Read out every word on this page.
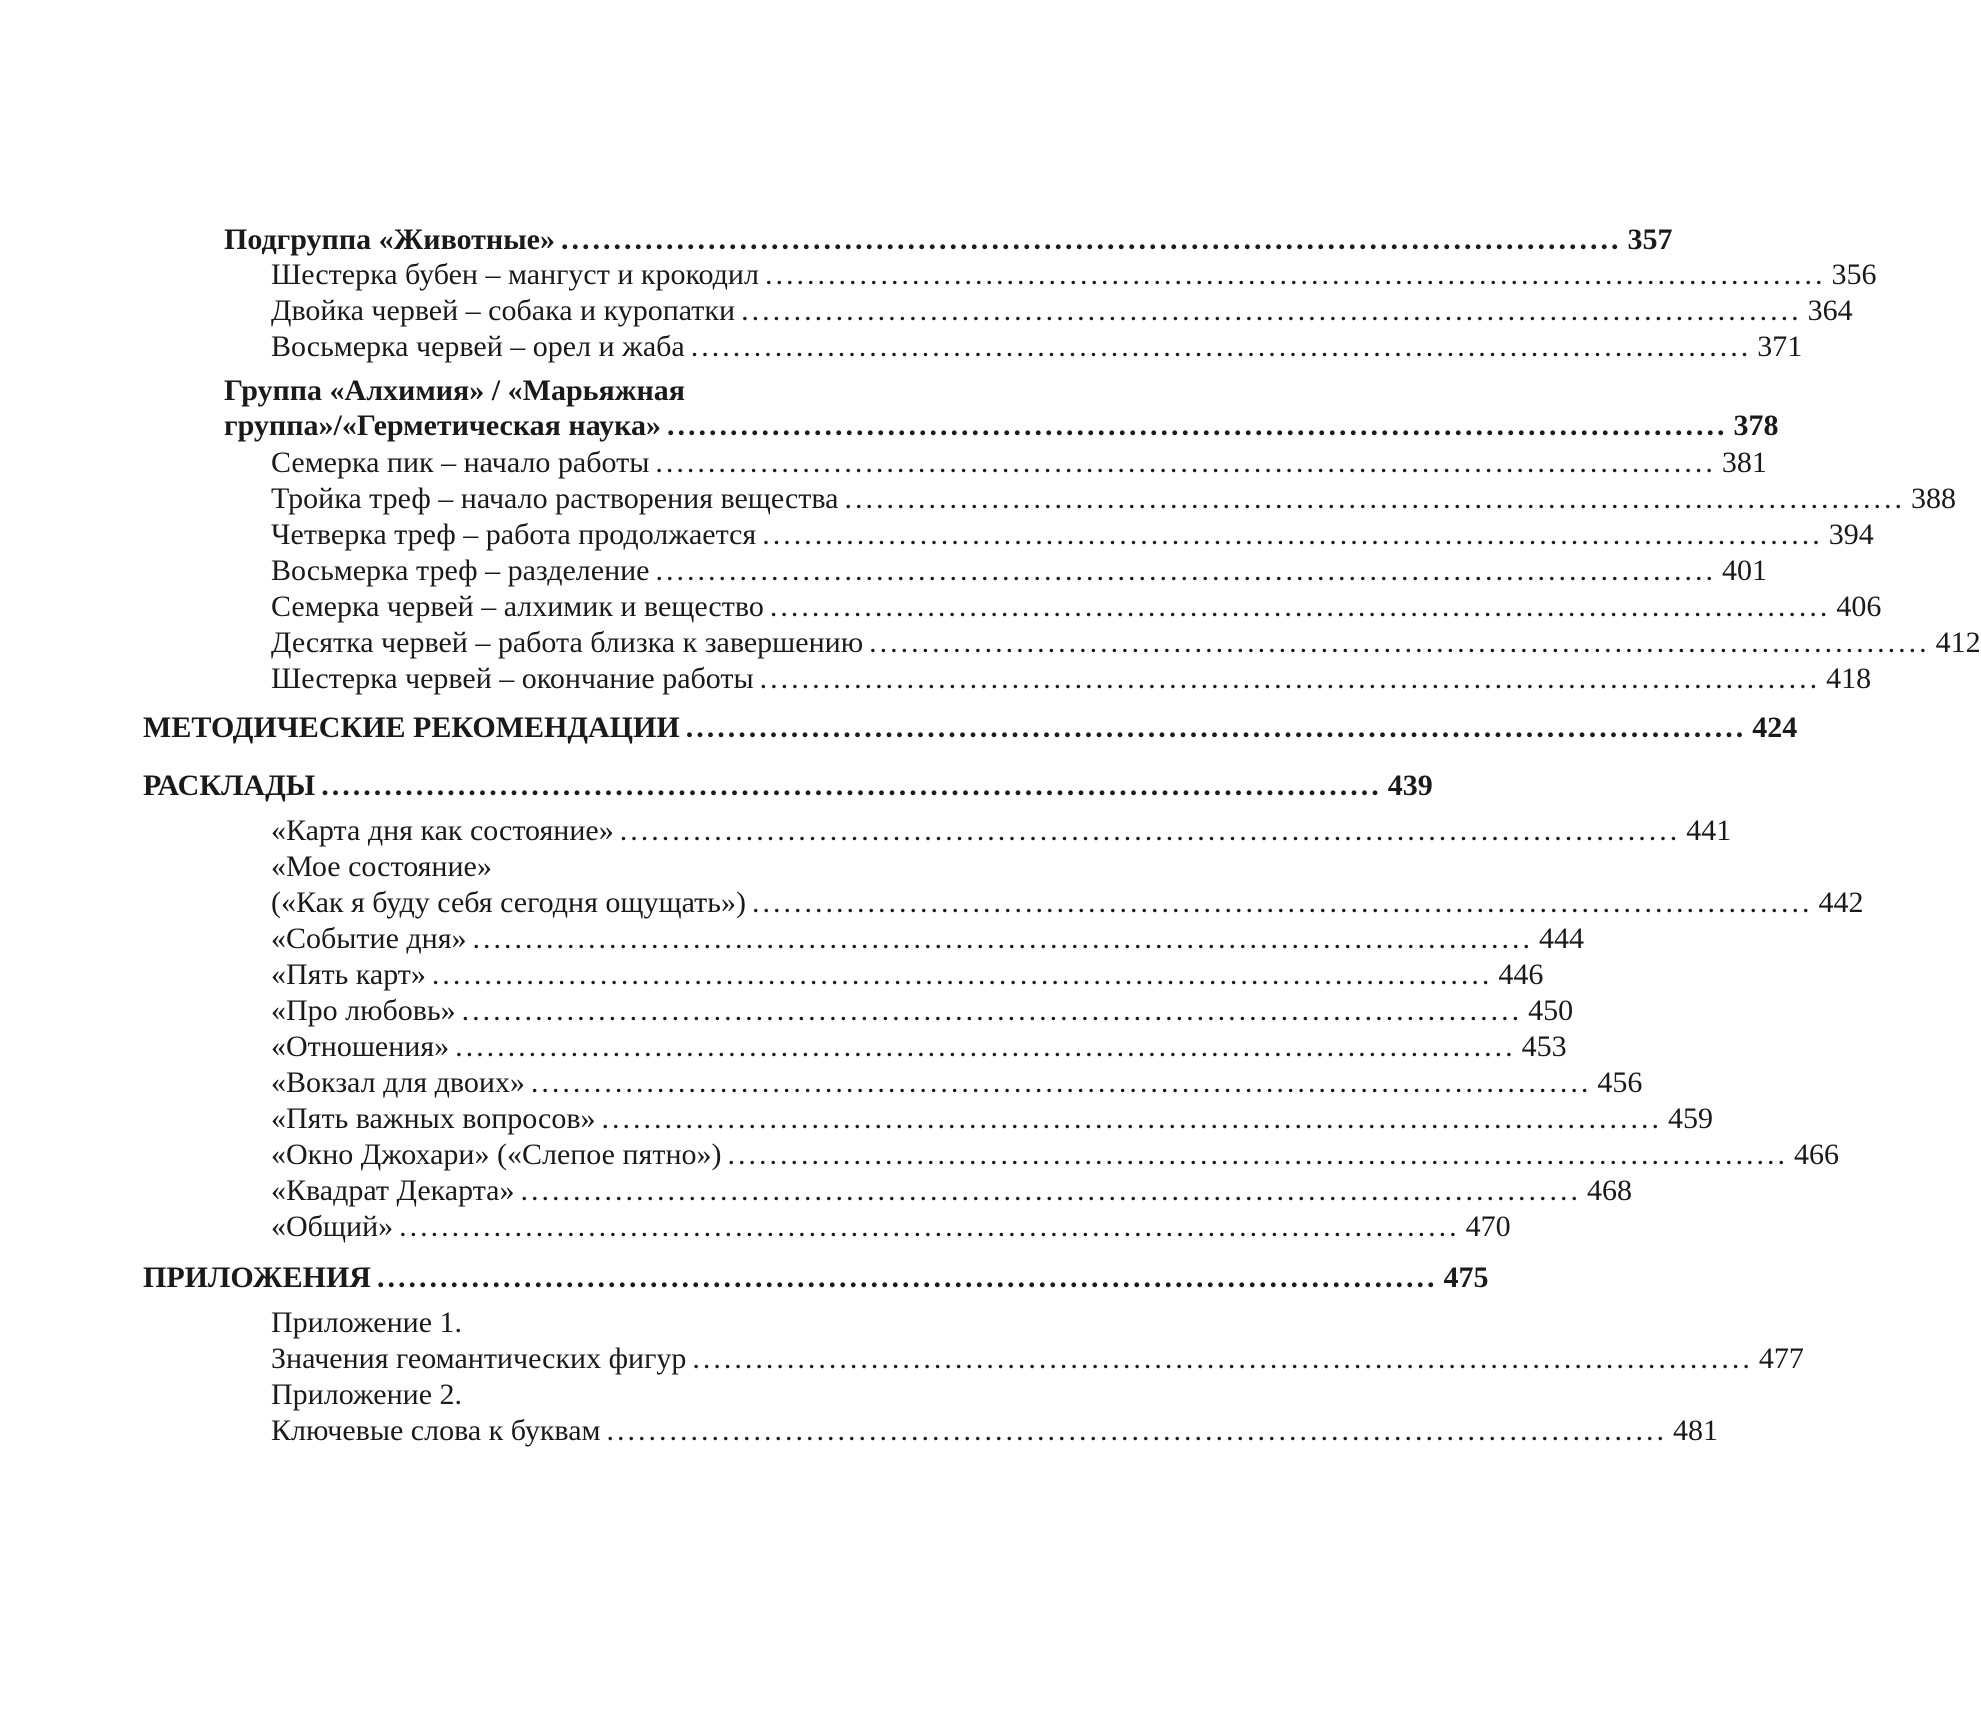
Подгруппа «Животные» ..................................................................................................... 357
Шестерка бубен – мангуст и крокодил ..................................................................................................... 356
Двойка червей – собака и куропатки ..................................................................................................... 364
Восьмерка червей – орел и жаба ..................................................................................................... 371
Группа «Алхимия» / «Марьяжная
группа»/«Герметическая наука» ..................................................................................................... 378
Семерка пик – начало работы ..................................................................................................... 381
Тройка треф – начало растворения вещества ..................................................................................................... 388
Четверка треф – работа продолжается ..................................................................................................... 394
Восьмерка треф – разделение ..................................................................................................... 401
Семерка червей – алхимик и вещество ..................................................................................................... 406
Десятка червей – работа близка к завершению ..................................................................................................... 412
Шестерка червей – окончание работы ..................................................................................................... 418
МЕТОДИЧЕСКИЕ РЕКОМЕНДАЦИИ ..................................................................................................... 424
РАСКЛАДЫ ..................................................................................................... 439
«Карта дня как состояние» ..................................................................................................... 441
«Мое состояние»
(«Как я буду себя сегодня ощущать») ..................................................................................................... 442
«Событие дня» ..................................................................................................... 444
«Пять карт» ..................................................................................................... 446
«Про любовь» ..................................................................................................... 450
«Отношения» ..................................................................................................... 453
«Вокзал для двоих» ..................................................................................................... 456
«Пять важных вопросов» ..................................................................................................... 459
«Окно Джохари» («Слепое пятно») ..................................................................................................... 466
«Квадрат Декарта» ..................................................................................................... 468
«Общий» ..................................................................................................... 470
ПРИЛОЖЕНИЯ ..................................................................................................... 475
Приложение 1.
Значения геомантических фигур ..................................................................................................... 477
Приложение 2.
Ключевые слова к буквам ..................................................................................................... 481
